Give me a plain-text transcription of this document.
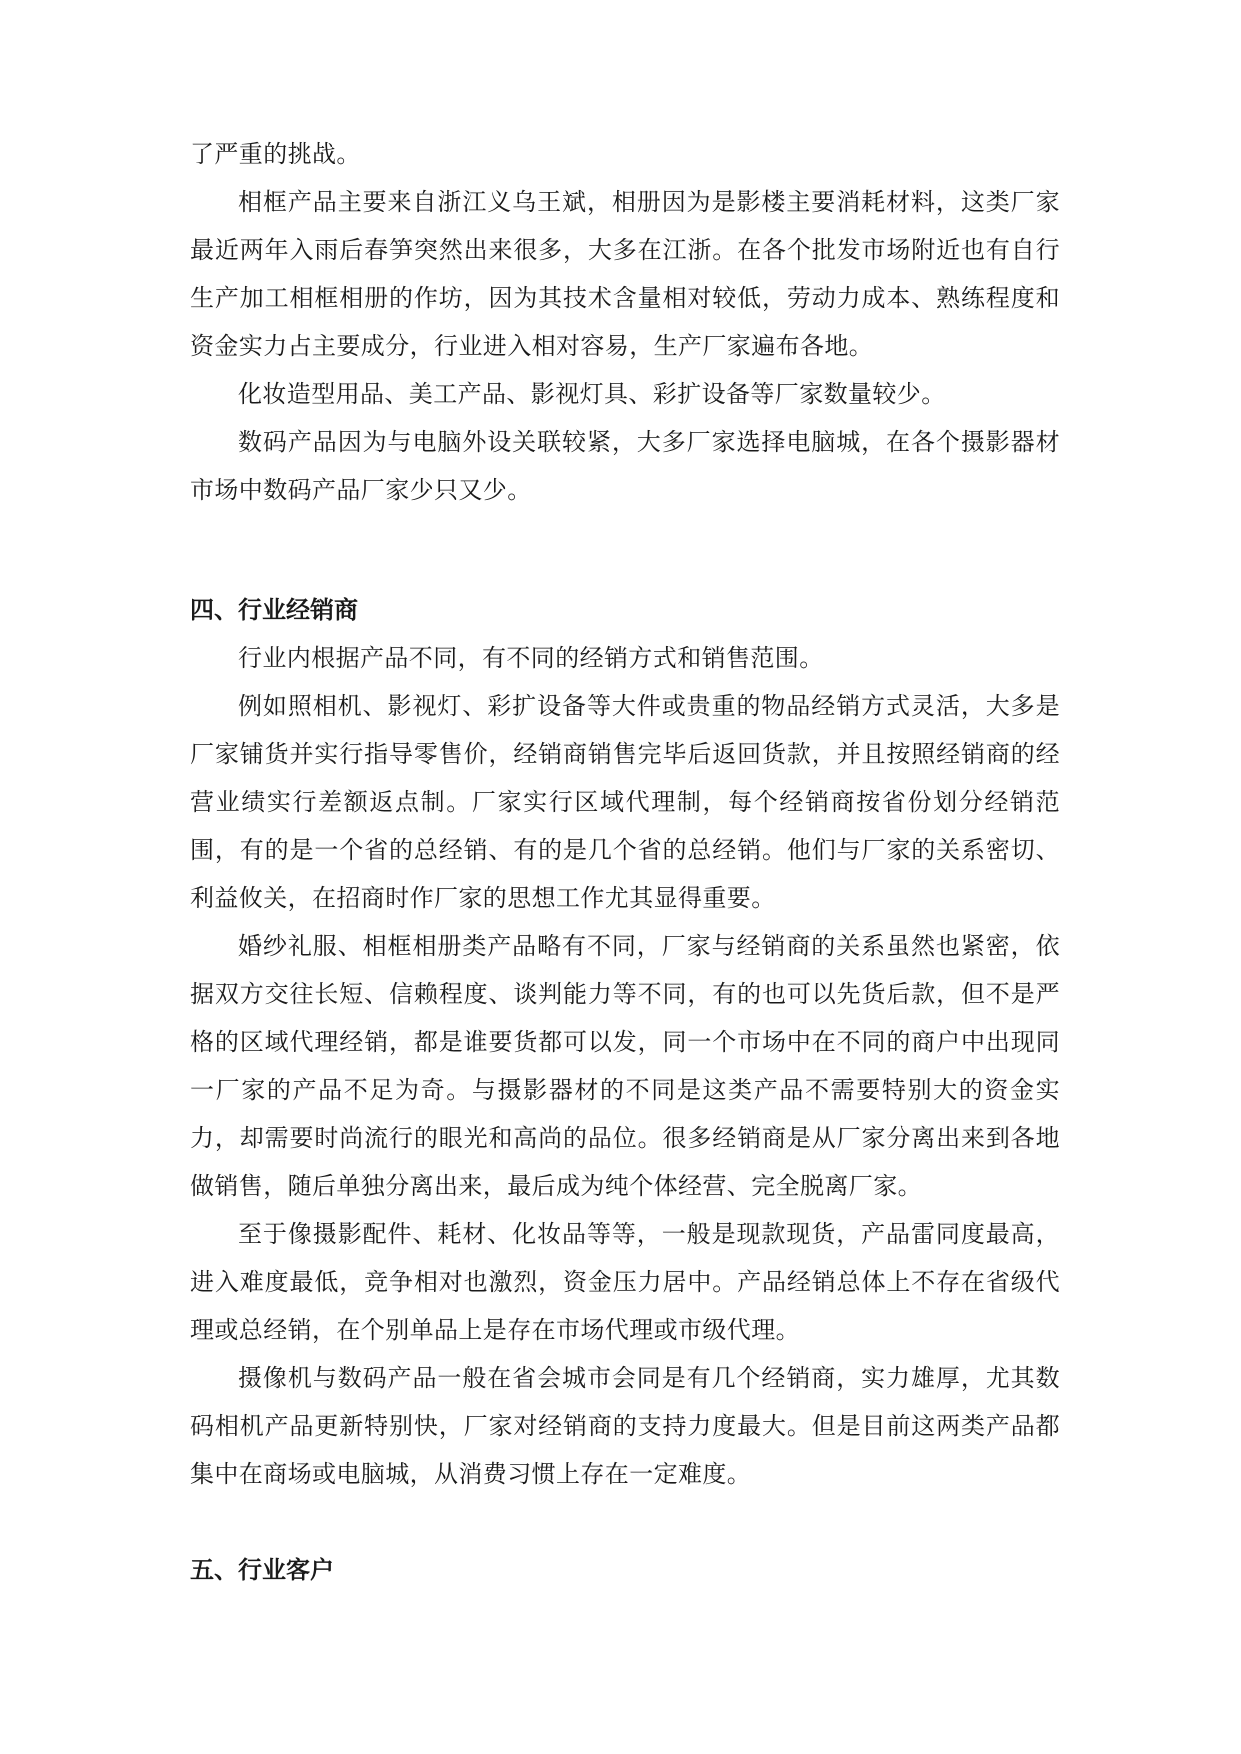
了严重的挑战。

相框产品主要来自浙江义乌王斌，相册因为是影楼主要消耗材料，这类厂家最近两年入雨后春笋突然出来很多，大多在江浙。在各个批发市场附近也有自行生产加工相框相册的作坊，因为其技术含量相对较低，劳动力成本、熟练程度和资金实力占主要成分，行业进入相对容易，生产厂家遍布各地。

化妆造型用品、美工产品、影视灯具、彩扩设备等厂家数量较少。

数码产品因为与电脑外设关联较紧，大多厂家选择电脑城，在各个摄影器材市场中数码产品厂家少只又少。

四、行业经销商

行业内根据产品不同，有不同的经销方式和销售范围。

例如照相机、影视灯、彩扩设备等大件或贵重的物品经销方式灵活，大多是厂家铺货并实行指导零售价，经销商销售完毕后返回货款，并且按照经销商的经营业绩实行差额返点制。厂家实行区域代理制，每个经销商按省份划分经销范围，有的是一个省的总经销、有的是几个省的总经销。他们与厂家的关系密切、利益攸关，在招商时作厂家的思想工作尤其显得重要。

婚纱礼服、相框相册类产品略有不同，厂家与经销商的关系虽然也紧密，依据双方交往长短、信赖程度、谈判能力等不同，有的也可以先货后款，但不是严格的区域代理经销，都是谁要货都可以发，同一个市场中在不同的商户中出现同一厂家的产品不足为奇。与摄影器材的不同是这类产品不需要特别大的资金实力，却需要时尚流行的眼光和高尚的品位。很多经销商是从厂家分离出来到各地做销售，随后单独分离出来，最后成为纯个体经营、完全脱离厂家。

至于像摄影配件、耗材、化妆品等等，一般是现款现货，产品雷同度最高，进入难度最低，竞争相对也激烈，资金压力居中。产品经销总体上不存在省级代理或总经销，在个别单品上是存在市场代理或市级代理。

摄像机与数码产品一般在省会城市会同是有几个经销商，实力雄厚，尤其数码相机产品更新特别快，厂家对经销商的支持力度最大。但是目前这两类产品都集中在商场或电脑城，从消费习惯上存在一定难度。

五、行业客户
